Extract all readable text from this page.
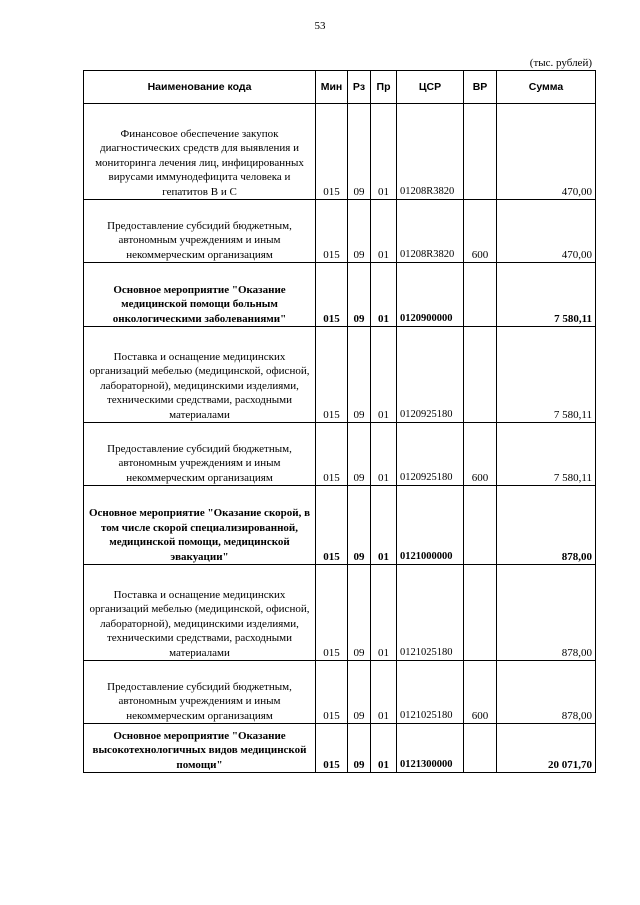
53
(тыс. рублей)
Наименование кода	Мин	Рз	Пр	ЦСР	ВР	Сумма
Финансовое обеспечение закупок диагностических средств для выявления и мониторинга лечения лиц, инфицированных вирусами иммунодефицита человека и гепатитов В и С	015	09	01	01208R3820		470,00
Предоставление субсидий бюджетным, автономным учреждениям и иным некоммерческим организациям	015	09	01	01208R3820	600	470,00
Основное мероприятие "Оказание медицинской помощи больным онкологическими заболеваниями"	015	09	01	0120900000		7 580,11
Поставка и оснащение медицинских организаций мебелью (медицинской, офисной, лабораторной), медицинскими изделиями, техническими средствами, расходными материалами	015	09	01	0120925180		7 580,11
Предоставление субсидий бюджетным, автономным учреждениям и иным некоммерческим организациям	015	09	01	0120925180	600	7 580,11
Основное мероприятие "Оказание скорой, в том числе скорой специализированной, медицинской помощи, медицинской эвакуации"	015	09	01	0121000000		878,00
Поставка и оснащение медицинских организаций мебелью (медицинской, офисной, лабораторной), медицинскими изделиями, техническими средствами, расходными материалами	015	09	01	0121025180		878,00
Предоставление субсидий бюджетным, автономным учреждениям и иным некоммерческим организациям	015	09	01	0121025180	600	878,00
Основное мероприятие "Оказание высокотехнологичных видов медицинской помощи"	015	09	01	0121300000		20 071,70
